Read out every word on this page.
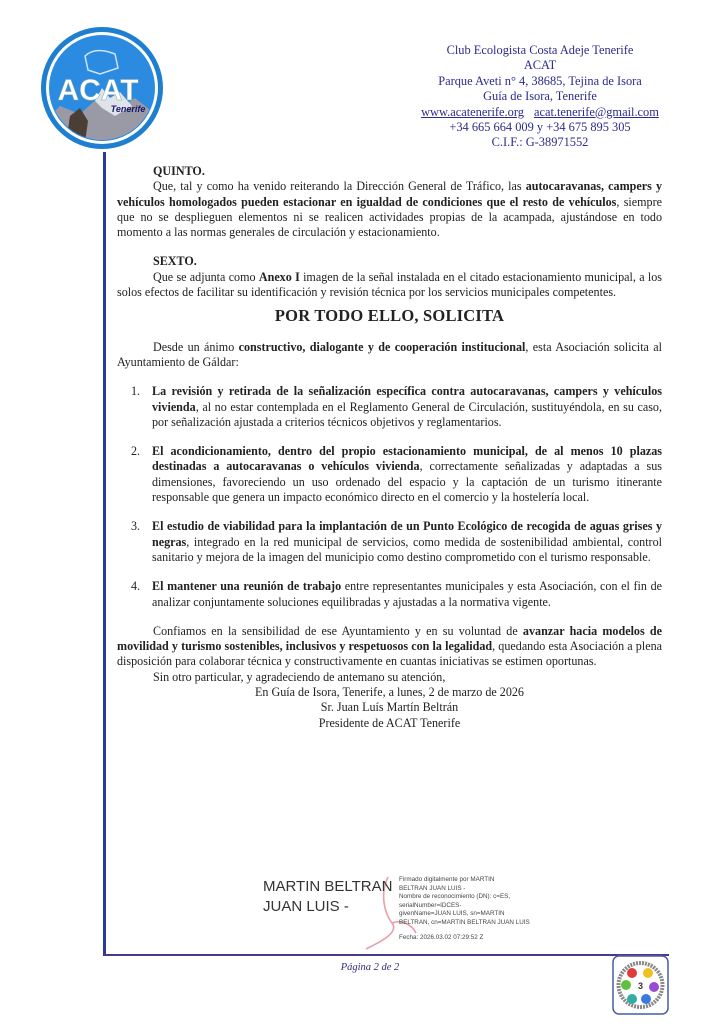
ACAT
Tenerife
Club Ecologista Costa Adeje Tenerife
ACAT
Parque Aveti n° 4, 38685, Tejina de Isora
Guía de Isora, Tenerife
www.acatenerife.org acat.tenerife@gmail.com
+34 665 664 009 y +34 675 895 305
C.I.F.: G-38971552

QUINTO.

Que, tal y como ha venido reiterando la Dirección General de Tráfico, las autocaravanas, campers y vehículos homologados pueden estacionar en igualdad de condiciones que el resto de vehículos, siempre que no se desplieguen elementos ni se realicen actividades propias de la acampada, ajustándose en todo momento a las normas generales de circulación y estacionamiento.

SEXTO.

Que se adjunta como Anexo I imagen de la señal instalada en el citado estacionamiento municipal, a los solos efectos de facilitar su identificación y revisión técnica por los servicios municipales competentes.

POR TODO ELLO, SOLICITA

Desde un ánimo constructivo, dialogante y de cooperación institucional, esta Asociación solicita al Ayuntamiento de Gáldar:

1. La revisión y retirada de la señalización específica contra autocaravanas, campers y vehículos vivienda, al no estar contemplada en el Reglamento General de Circulación, sustituyéndola, en su caso, por señalización ajustada a criterios técnicos objetivos y reglamentarios.
2. El acondicionamiento, dentro del propio estacionamiento municipal, de al menos 10 plazas destinadas a autocaravanas o vehículos vivienda, correctamente señalizadas y adaptadas a sus dimensiones, favoreciendo un uso ordenado del espacio y la captación de un turismo itinerante responsable que genera un impacto económico directo en el comercio y la hostelería local.
3. El estudio de viabilidad para la implantación de un Punto Ecológico de recogida de aguas grises y negras, integrado en la red municipal de servicios, como medida de sostenibilidad ambiental, control sanitario y mejora de la imagen del municipio como destino comprometido con el turismo responsable.
4. El mantener una reunión de trabajo entre representantes municipales y esta Asociación, con el fin de analizar conjuntamente soluciones equilibradas y ajustadas a la normativa vigente.

Confiamos en la sensibilidad de ese Ayuntamiento y en su voluntad de avanzar hacia modelos de movilidad y turismo sostenibles, inclusivos y respetuosos con la legalidad, quedando esta Asociación a plena disposición para colaborar técnica y constructivamente en cuantas iniciativas se estimen oportunas.

Sin otro particular, y agradeciendo de antemano su atención,

En Guía de Isora, Tenerife, a lunes, 2 de marzo de 2026

Sr. Juan Luís Martín Beltrán

Presidente de ACAT Tenerife

MARTIN BELTRAN
JUAN LUIS -
Firmado digitalmente por MARTIN
BELTRAN JUAN LUIS -
Nombre de reconocimiento (DN): c=ES,
serialNumber=IDCES-
givenName=JUAN LUIS, sn=MARTIN
BELTRAN, cn=MARTIN BELTRAN JUAN LUIS
Fecha: 2026.03.02 07:29:52 Z
Página 2 de 2
3
